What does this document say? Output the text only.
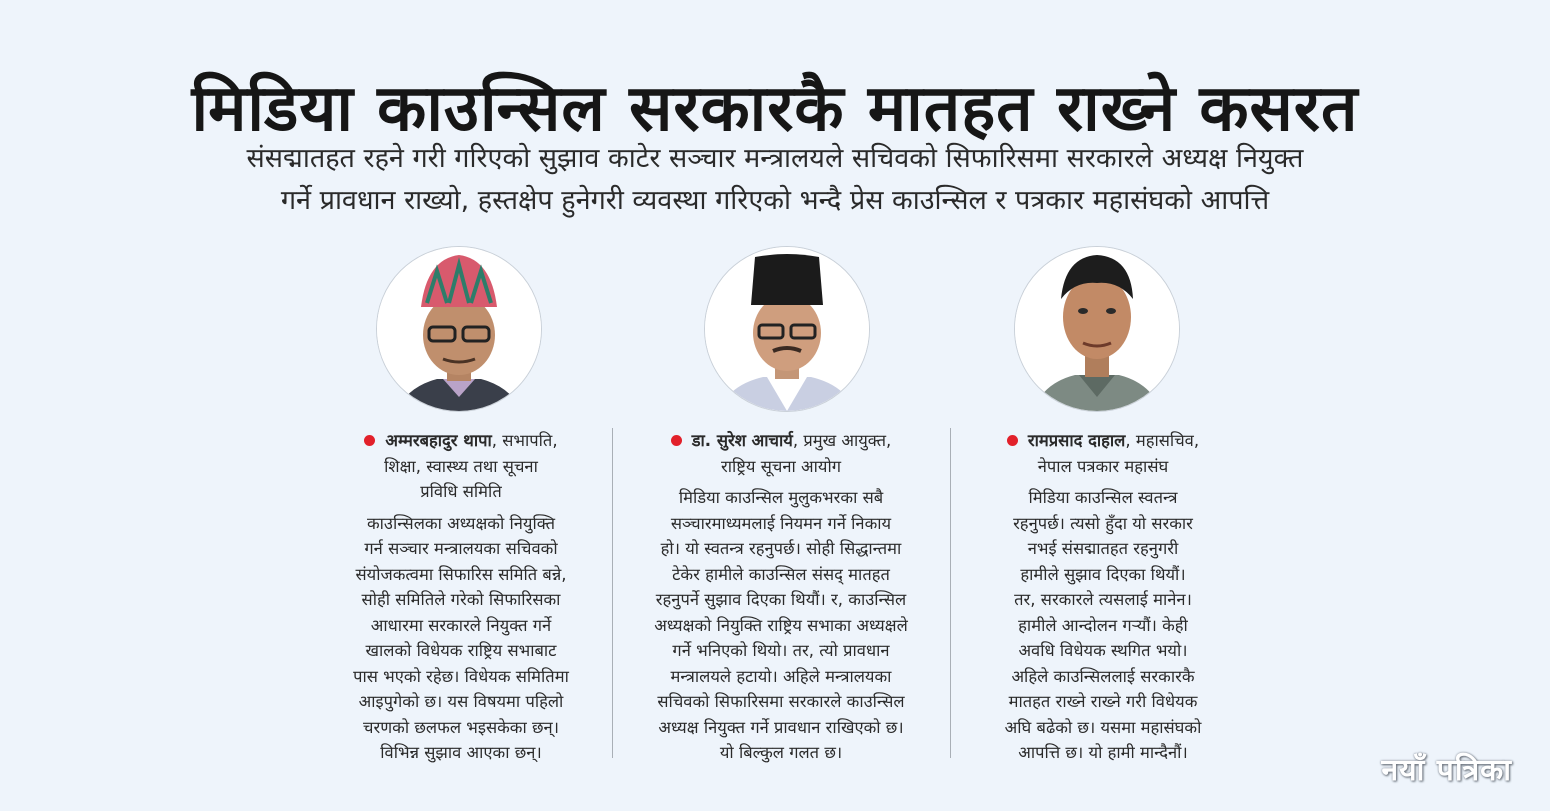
मिडिया काउन्सिल सरकारकै मातहत राख्ने कसरत
संसद्मातहत रहने गरी गरिएको सुझाव काटेर सञ्चार मन्त्रालयले सचिवको सिफारिसमा सरकारले अध्यक्ष नियुक्त
गर्ने प्रावधान राख्यो, हस्तक्षेप हुनेगरी व्यवस्था गरिएको भन्दै प्रेस काउन्सिल र पत्रकार महासंघको आपत्ति

अम्मरबहादुर थापा, सभापति,

शिक्षा, स्वास्थ्य तथा सूचना
प्रविधि समिति

काउन्सिलका अध्यक्षको नियुक्ति
गर्न सञ्चार मन्त्रालयका सचिवको
संयोजकत्वमा सिफारिस समिति बन्ने,
सोही समितिले गरेको सिफारिसका
आधारमा सरकारले नियुक्त गर्ने
खालको विधेयक राष्ट्रिय सभाबाट
पास भएको रहेछ। विधेयक समितिमा
आइपुगेको छ। यस विषयमा पहिलो
चरणको छलफल भइसकेका छन्।
विभिन्न सुझाव आएका छन्।

डा. सुरेश आचार्य, प्रमुख आयुक्त,

राष्ट्रिय सूचना आयोग

मिडिया काउन्सिल मुलुकभरका सबै
सञ्चारमाध्यमलाई नियमन गर्ने निकाय
हो। यो स्वतन्त्र रहनुपर्छ। सोही सिद्धान्तमा
टेकेर हामीले काउन्सिल संसद् मातहत
रहनुपर्ने सुझाव दिएका थियौं। र, काउन्सिल
अध्यक्षको नियुक्ति राष्ट्रिय सभाका अध्यक्षले
गर्ने भनिएको थियो। तर, त्यो प्रावधान
मन्त्रालयले हटायो। अहिले मन्त्रालयका
सचिवको सिफारिसमा सरकारले काउन्सिल
अध्यक्ष नियुक्त गर्ने प्रावधान राखिएको छ।
यो बिल्कुल गलत छ।

रामप्रसाद दाहाल, महासचिव,

नेपाल पत्रकार महासंघ

मिडिया काउन्सिल स्वतन्त्र
रहनुपर्छ। त्यसो हुँदा यो सरकार
नभई संसद्मातहत रहनुगरी
हामीले सुझाव दिएका थियौं।
तर, सरकारले त्यसलाई मानेन।
हामीले आन्दोलन गर्‍यौं। केही
अवधि विधेयक स्थगित भयो।
अहिले काउन्सिललाई सरकारकै
मातहत राख्ने राख्ने गरी विधेयक
अघि बढेको छ। यसमा महासंघको
आपत्ति छ। यो हामी मान्दैनौं।
नयाँ पत्रिका
